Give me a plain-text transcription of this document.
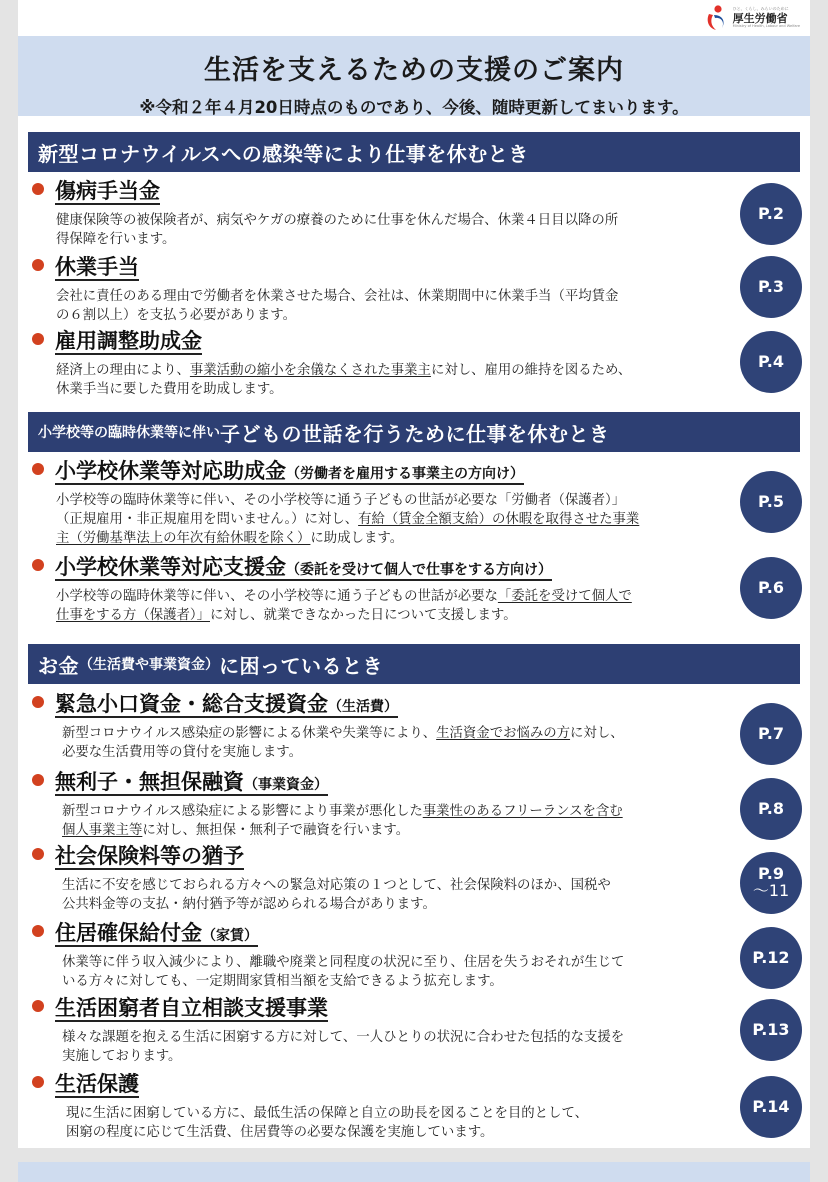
ひと、くらし、みらいのために
厚生労働省
Ministry of Health, Labour and Welfare
生活を支えるための支援のご案内
※令和２年４月20日時点のものであり、今後、随時更新してまいります。
新型コロナウイルスへの感染等により仕事を休むとき
傷病手当金
健康保険等の被保険者が、病気やケガの療養のために仕事を休んだ場合、休業４日目以降の所
得保障を行います。
P.2
休業手当
会社に責任のある理由で労働者を休業させた場合、会社は、休業期間中に休業手当（平均賃金
の６割以上）を支払う必要があります。
P.3
雇用調整助成金
経済上の理由により、事業活動の縮小を余儀なくされた事業主に対し、雇用の維持を図るため、
休業手当に要した費用を助成します。
P.4
小学校等の臨時休業等に伴い 子どもの世話を行うために仕事を休むとき
小学校休業等対応助成金（労働者を雇用する事業主の方向け）
小学校等の臨時休業等に伴い、その小学校等に通う子どもの世話が必要な「労働者（保護者）」
（正規雇用・非正規雇用を問いません。）に対し、有給（賃金全額支給）の休暇を取得させた事業
主（労働基準法上の年次有給休暇を除く）に助成します。
P.5
小学校休業等対応支援金（委託を受けて個人で仕事をする方向け）
小学校等の臨時休業等に伴い、その小学校等に通う子どもの世話が必要な「委託を受けて個人で
仕事をする方（保護者）」に対し、就業できなかった日について支援します。
P.6
お金 （生活費や事業資金） に困っているとき
緊急小口資金・総合支援資金（生活費）
新型コロナウイルス感染症の影響による休業や失業等により、生活資金でお悩みの方に対し、
必要な生活費用等の貸付を実施します。
P.7
無利子・無担保融資（事業資金）
新型コロナウイルス感染症による影響により事業が悪化した事業性のあるフリーランスを含む
個人事業主等に対し、無担保・無利子で融資を行います。
P.8
社会保険料等の猶予
生活に不安を感じておられる方々への緊急対応策の１つとして、社会保険料のほか、国税や
公共料金等の支払・納付猶予等が認められる場合があります。
P.9
～11
住居確保給付金（家賃）
休業等に伴う収入減少により、離職や廃業と同程度の状況に至り、住居を失うおそれが生じて
いる方々に対しても、一定期間家賃相当額を支給できるよう拡充します。
P.12
生活困窮者自立相談支援事業
様々な課題を抱える生活に困窮する方に対して、一人ひとりの状況に合わせた包括的な支援を
実施しております。
P.13
生活保護
現に生活に困窮している方に、最低生活の保障と自立の助長を図ることを目的として、
困窮の程度に応じて生活費、住居費等の必要な保護を実施しています。
P.14
